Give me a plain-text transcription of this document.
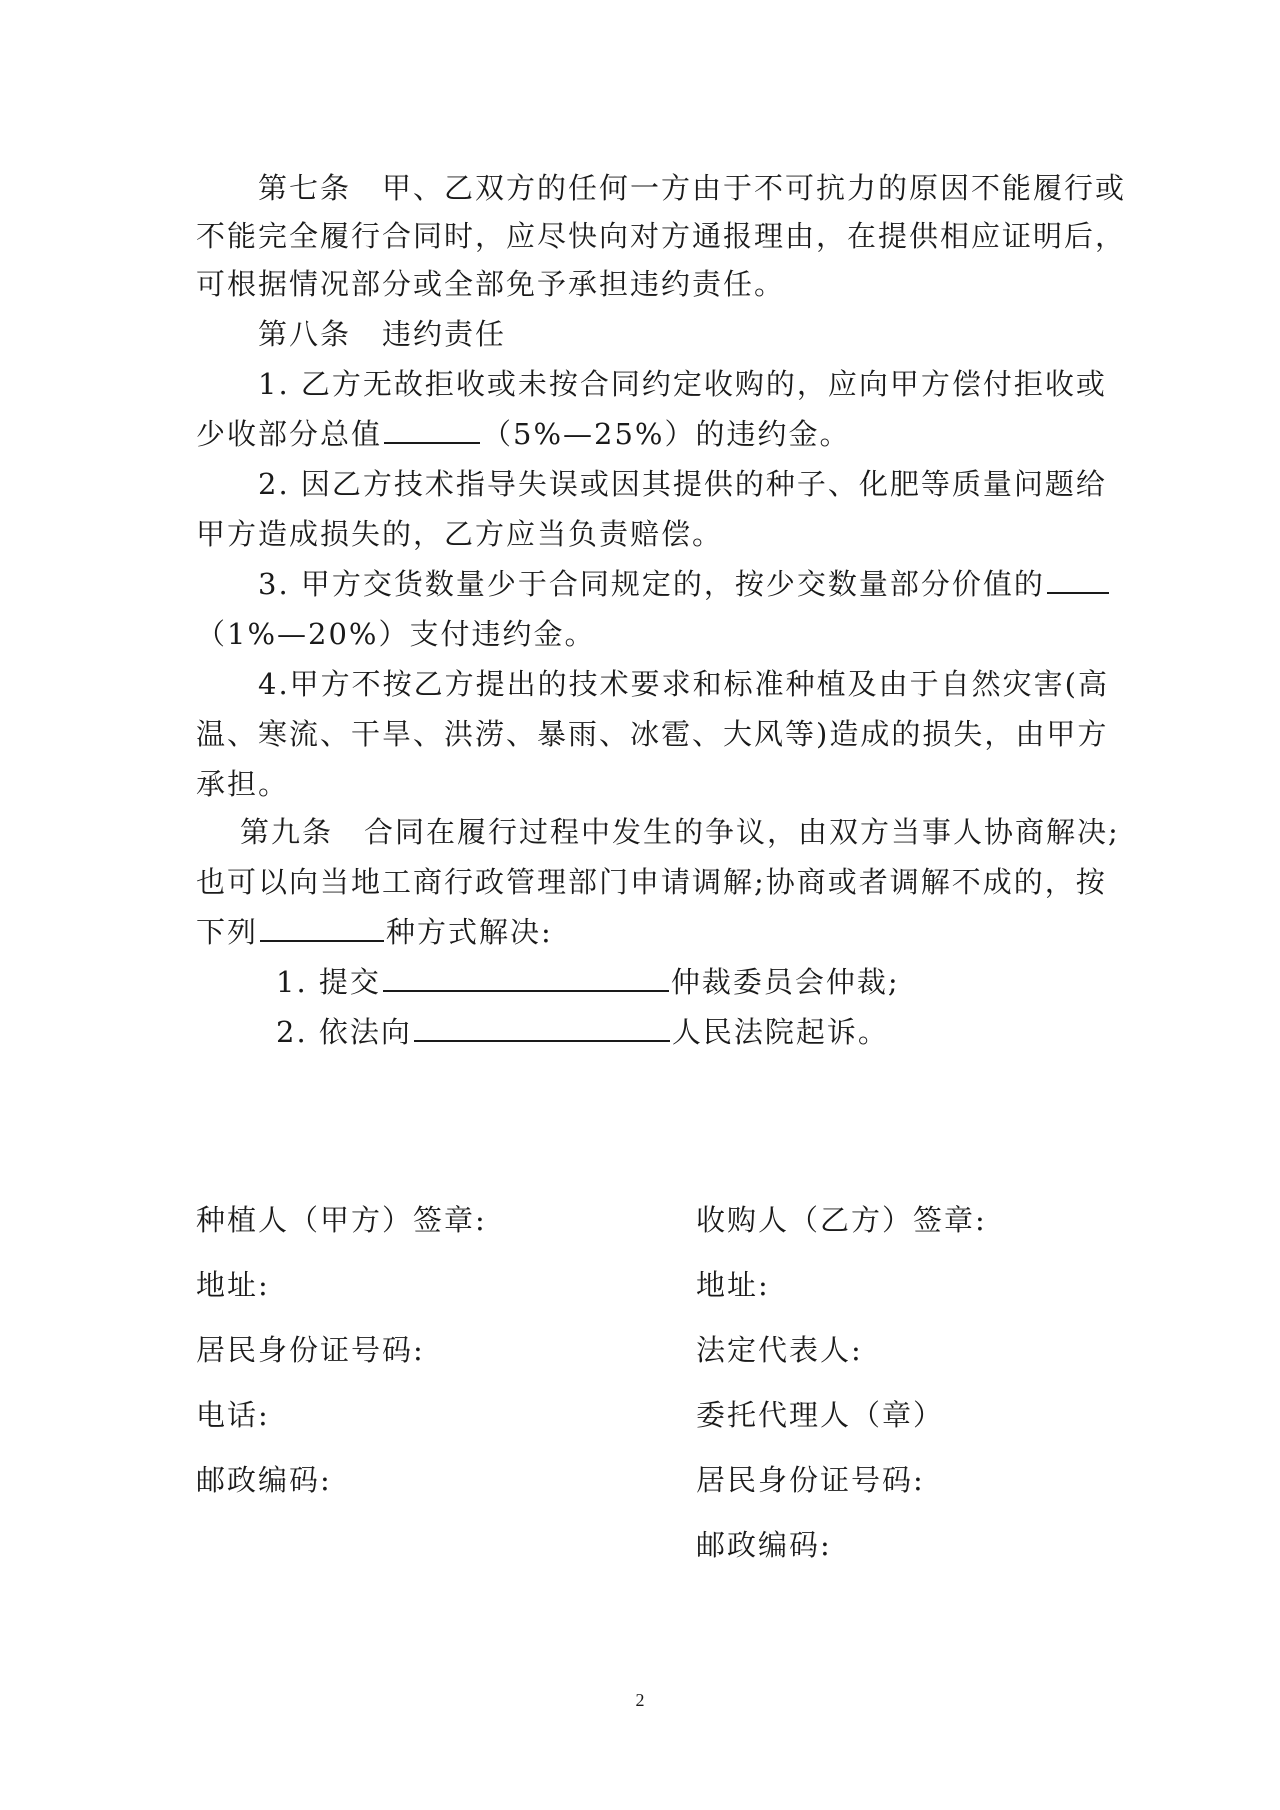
第七条　甲、乙双方的任何一方由于不可抗力的原因不能履行或
不能完全履行合同时，应尽快向对方通报理由，在提供相应证明后，
可根据情况部分或全部免予承担违约责任。
第八条　违约责任
1. 乙方无故拒收或未按合同约定收购的，应向甲方偿付拒收或
少收部分总值	（5%—25%）的违约金。
2. 因乙方技术指导失误或因其提供的种子、化肥等质量问题给
甲方造成损失的，乙方应当负责赔偿。
3. 甲方交货数量少于合同规定的，按少交数量部分价值的
（1%—20%）支付违约金。
4.甲方不按乙方提出的技术要求和标准种植及由于自然灾害(高
温、寒流、干旱、洪涝、暴雨、冰雹、大风等)造成的损失，由甲方
承担。
第九条　合同在履行过程中发生的争议，由双方当事人协商解决;
也可以向当地工商行政管理部门申请调解;协商或者调解不成的，按
下列	种方式解决:
1. 提交	仲裁委员会仲裁;
2. 依法向	人民法院起诉。
种植人（甲方）签章:
地址:
居民身份证号码:
电话:
邮政编码:
收购人（乙方）签章:
地址:
法定代表人:
委托代理人（章）
居民身份证号码:
邮政编码:
2
